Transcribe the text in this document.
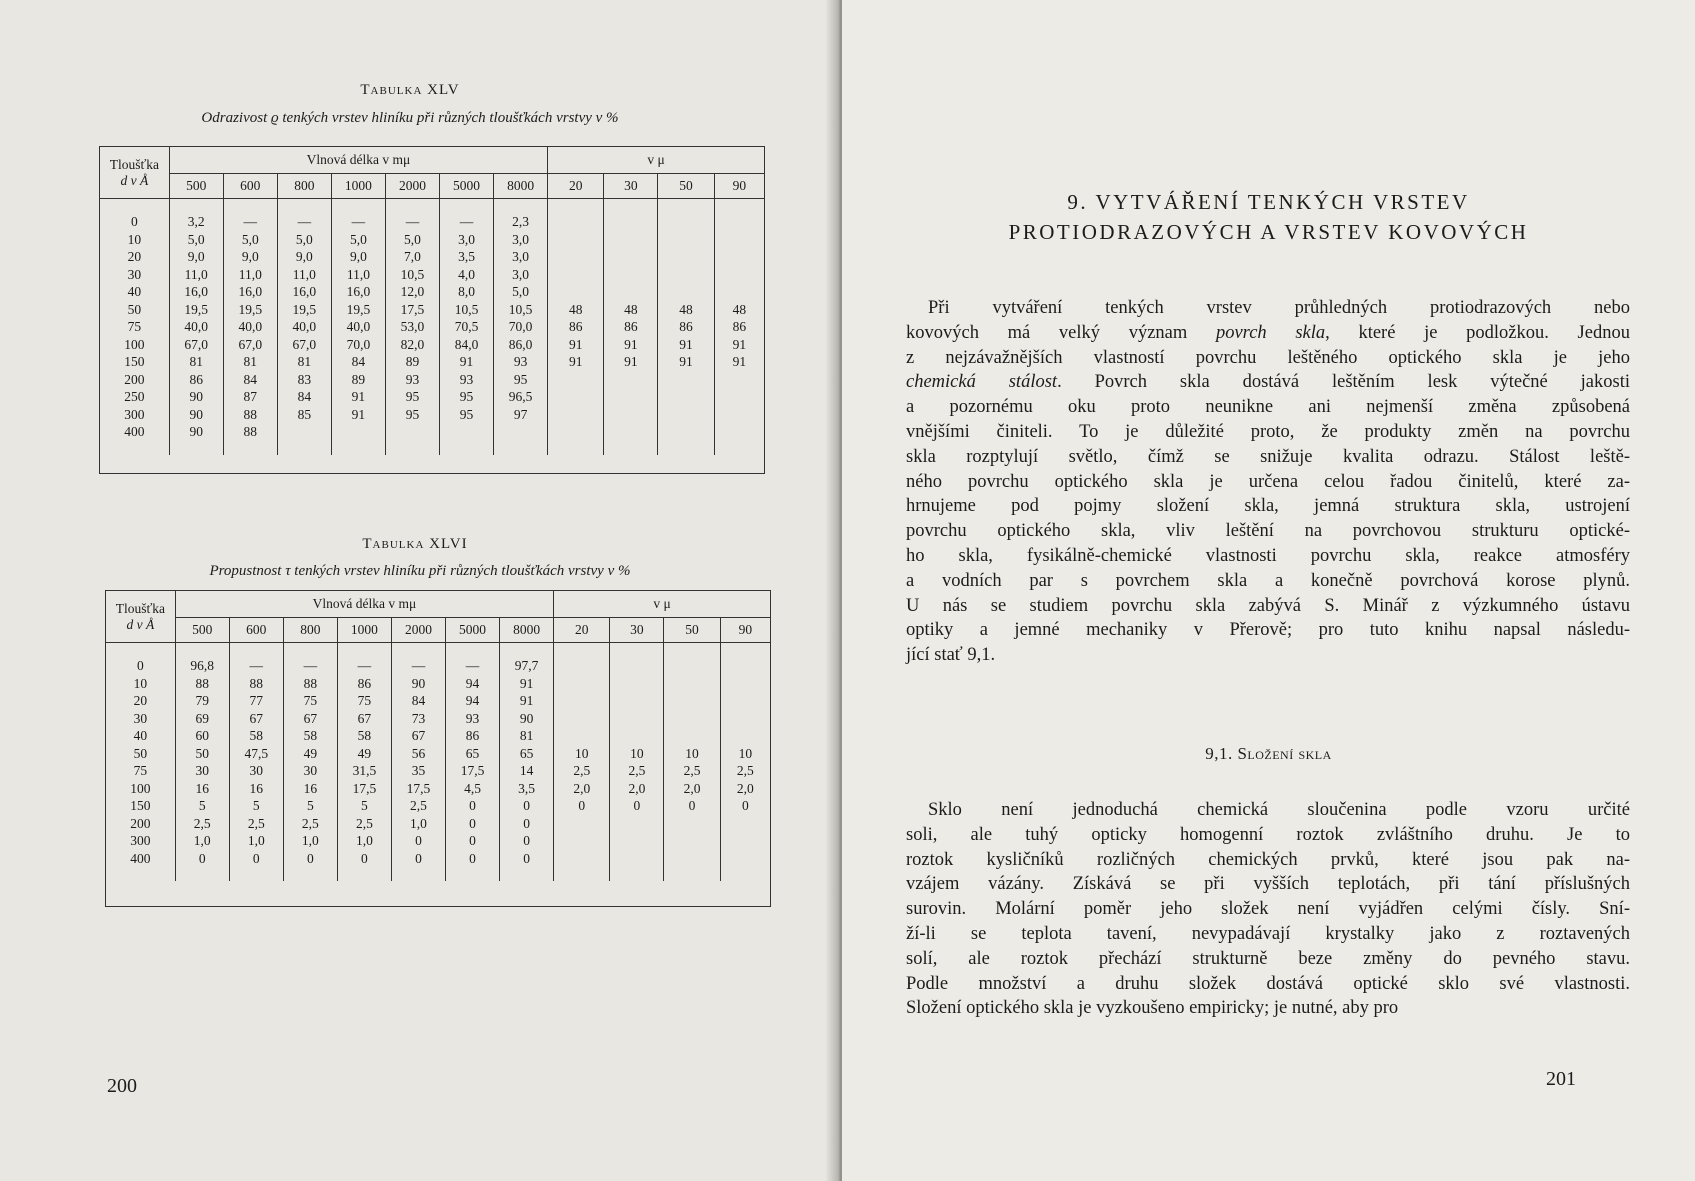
Tabulka XLV
Odrazivost ϱ tenkých vrstev hliníku při různých tloušťkách vrstvy v %
Tloušťka
d v Å	Vlnová délka v mμ							v μ			
	500	600	800	1000	2000	5000	8000	20	30	50	90
0	3,2	—	—	—	—	—	2,3				
10	5,0	5,0	5,0	5,0	5,0	3,0	3,0				
20	9,0	9,0	9,0	9,0	7,0	3,5	3,0				
30	11,0	11,0	11,0	11,0	10,5	4,0	3,0				
40	16,0	16,0	16,0	16,0	12,0	8,0	5,0				
50	19,5	19,5	19,5	19,5	17,5	10,5	10,5	48	48	48	48
75	40,0	40,0	40,0	40,0	53,0	70,5	70,0	86	86	86	86
100	67,0	67,0	67,0	70,0	82,0	84,0	86,0	91	91	91	91
150	81	81	81	84	89	91	93	91	91	91	91
200	86	84	83	89	93	93	95				
250	90	87	84	91	95	95	96,5				
300	90	88	85	91	95	95	97				
400	90	88									
Tabulka XLVI
Propustnost τ tenkých vrstev hliníku při různých tloušťkách vrstvy v %
Tloušťka
d v Å	Vlnová délka v mμ							v μ			
	500	600	800	1000	2000	5000	8000	20	30	50	90
0	96,8	—	—	—	—	—	97,7				
10	88	88	88	86	90	94	91				
20	79	77	75	75	84	94	91				
30	69	67	67	67	73	93	90				
40	60	58	58	58	67	86	81				
50	50	47,5	49	49	56	65	65	10	10	10	10
75	30	30	30	31,5	35	17,5	14	2,5	2,5	2,5	2,5
100	16	16	16	17,5	17,5	4,5	3,5	2,0	2,0	2,0	2,0
150	5	5	5	5	2,5	0	0	0	0	0	0
200	2,5	2,5	2,5	2,5	1,0	0	0				
300	1,0	1,0	1,0	1,0	0	0	0				
400	0	0	0	0	0	0	0				
200
9. VYTVÁŘENÍ TENKÝCH VRSTEV
PROTIODRAZOVÝCH A VRSTEV KOVOVÝCH
Při vytváření tenkých vrstev průhledných protiodrazových nebo
kovových má velký význam povrch skla, které je podložkou. Jednou
z nejzávažnějších vlastností povrchu leštěného optického skla je jeho
chemická stálost. Povrch skla dostává leštěním lesk výtečné jakosti
a pozornému oku proto neunikne ani nejmenší změna způsobená
vnějšími činiteli. To je důležité proto, že produkty změn na povrchu
skla rozptylují světlo, čímž se snižuje kvalita odrazu. Stálost leště-
ného povrchu optického skla je určena celou řadou činitelů, které za-
hrnujeme pod pojmy složení skla, jemná struktura skla, ustrojení
povrchu optického skla, vliv leštění na povrchovou strukturu optické-
ho skla, fysikálně-chemické vlastnosti povrchu skla, reakce atmosféry
a vodních par s povrchem skla a konečně povrchová korose plynů.
U nás se studiem povrchu skla zabývá S. Minář z výzkumného ústavu
optiky a jemné mechaniky v Přerově; pro tuto knihu napsal následu-
jící stať 9,1.
9,1. Složení skla
Sklo není jednoduchá chemická sloučenina podle vzoru určité
soli, ale tuhý opticky homogenní roztok zvláštního druhu. Je to
roztok kysličníků rozličných chemických prvků, které jsou pak na-
vzájem vázány. Získává se při vyšších teplotách, při tání příslušných
surovin. Molární poměr jeho složek není vyjádřen celými čísly. Sní-
ží-li se teplota tavení, nevypadávají krystalky jako z roztavených
solí, ale roztok přechází strukturně beze změny do pevného stavu.
Podle množství a druhu složek dostává optické sklo své vlastnosti.
Složení optického skla je vyzkoušeno empiricky; je nutné, aby pro
201
